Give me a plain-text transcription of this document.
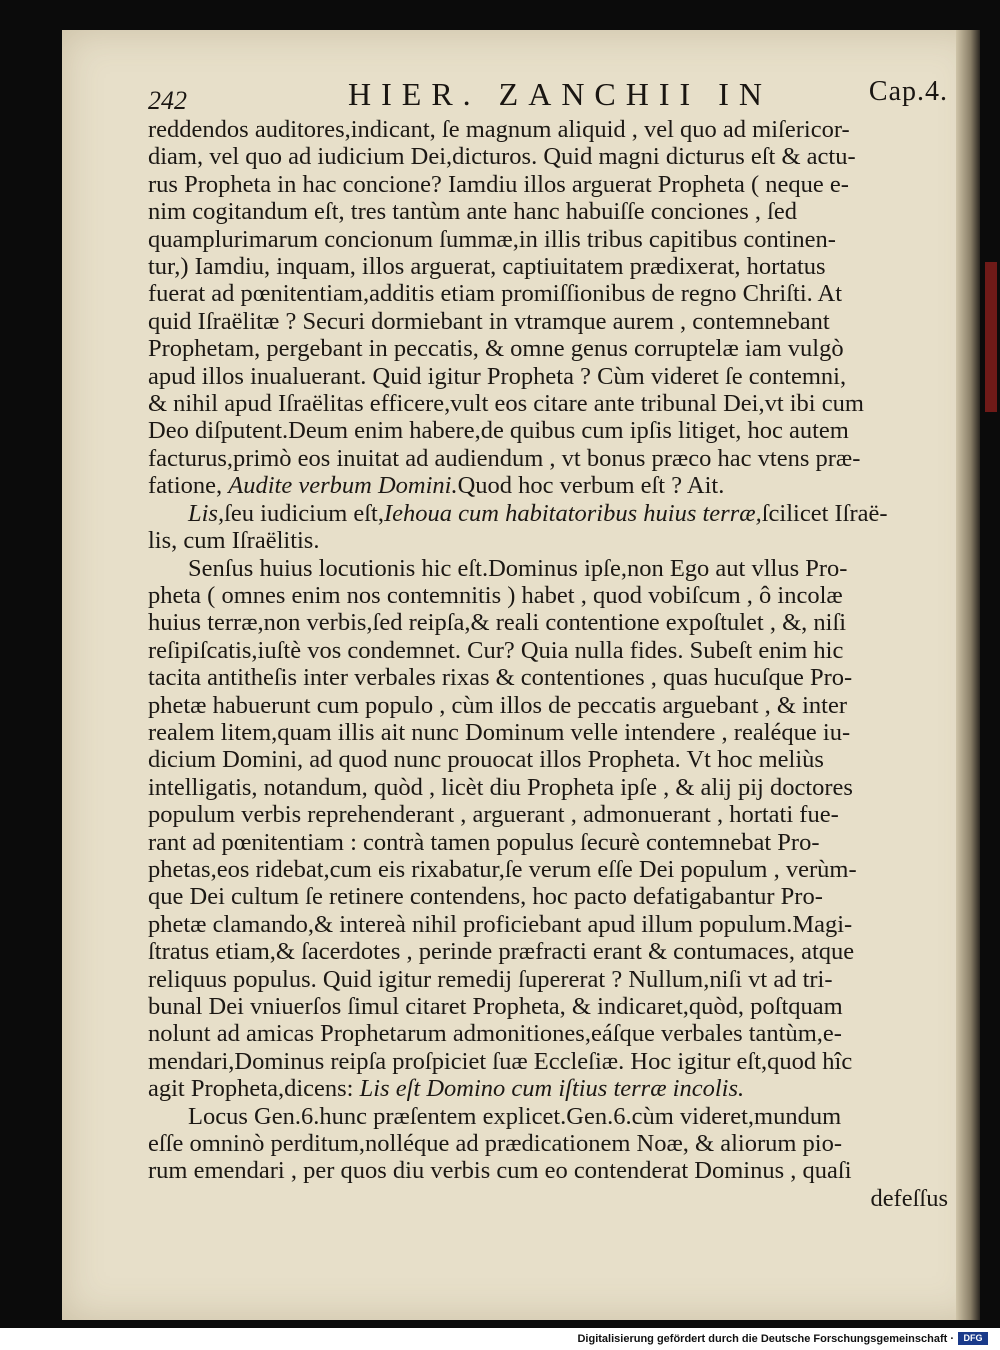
242	HIER. ZANCHII IN	Cap.4.
reddendos auditores,indicant, ſe magnum aliquid , vel quo ad miſericor-
diam, vel quo ad iudicium Dei,dicturos. Quid magni dicturus eſt & actu-
rus Propheta in hac concione? Iamdiu illos arguerat Propheta ( neque e-
nim cogitandum eſt, tres tantùm ante hanc habuiſſe conciones , ſed
quamplurimarum concionum ſummæ,in illis tribus capitibus continen-
tur,) Iamdiu, inquam, illos arguerat, captiuitatem prædixerat, hortatus
fuerat ad pœnitentiam,additis etiam promiſſionibus de regno Chriſti. At
quid Iſraëlitæ ? Securi dormiebant in vtramque aurem , contemnebant
Prophetam, pergebant in peccatis, & omne genus corruptelæ iam vulgò
apud illos inualuerant. Quid igitur Propheta ? Cùm videret ſe contemni,
& nihil apud Iſraëlitas efficere,vult eos citare ante tribunal Dei,vt ibi cum
Deo diſputent.Deum enim habere,de quibus cum ipſis litiget, hoc autem
facturus,primò eos inuitat ad audiendum , vt bonus præco hac vtens præ-
fatione, Audite verbum Domini.Quod hoc verbum eſt ? Ait.
Lis,ſeu iudicium eſt,Iehoua cum habitatoribus huius terræ,ſcilicet Iſraë-
lis, cum Iſraëlitis.
Senſus huius locutionis hic eſt.Dominus ipſe,non Ego aut vllus Pro-
pheta ( omnes enim nos contemnitis ) habet , quod vobiſcum , ô incolæ
huius terræ,non verbis,ſed reipſa,& reali contentione expoſtulet , &, niſi
reſipiſcatis,iuſtè vos condemnet. Cur? Quia nulla fides. Subeſt enim hic
tacita antitheſis inter verbales rixas & contentiones , quas hucuſque Pro-
phetæ habuerunt cum populo , cùm illos de peccatis arguebant , & inter
realem litem,quam illis ait nunc Dominum velle intendere , realéque iu-
dicium Domini, ad quod nunc prouocat illos Propheta. Vt hoc meliùs
intelligatis, notandum, quòd , licèt diu Propheta ipſe , & alij pij doctores
populum verbis reprehenderant , arguerant , admonuerant , hortati fue-
rant ad pœnitentiam : contrà tamen populus ſecurè contemnebat Pro-
phetas,eos ridebat,cum eis rixabatur,ſe verum eſſe Dei populum , verùm-
que Dei cultum ſe retinere contendens, hoc pacto defatigabantur Pro-
phetæ clamando,& intereà nihil proficiebant apud illum populum.Magi-
ſtratus etiam,& ſacerdotes , perinde præfracti erant & contumaces, atque
reliquus populus. Quid igitur remedij ſupererat ? Nullum,niſi vt ad tri-
bunal Dei vniuerſos ſimul citaret Propheta, & indicaret,quòd, poſtquam
nolunt ad amicas Prophetarum admonitiones,eáſque verbales tantùm,e-
mendari,Dominus reipſa proſpiciet ſuæ Eccleſiæ. Hoc igitur eſt,quod hîc
agit Propheta,dicens: Lis eſt Domino cum iſtius terræ incolis.
Locus Gen.6.hunc præſentem explicet.Gen.6.cùm videret,mundum
eſſe omninò perditum,nolléque ad prædicationem Noæ, & aliorum pio-
rum emendari , per quos diu verbis cum eo contenderat Dominus , quaſi
defeſſus
Digitalisierung gefördert durch die Deutsche Forschungsgemeinschaft ·	DFG
